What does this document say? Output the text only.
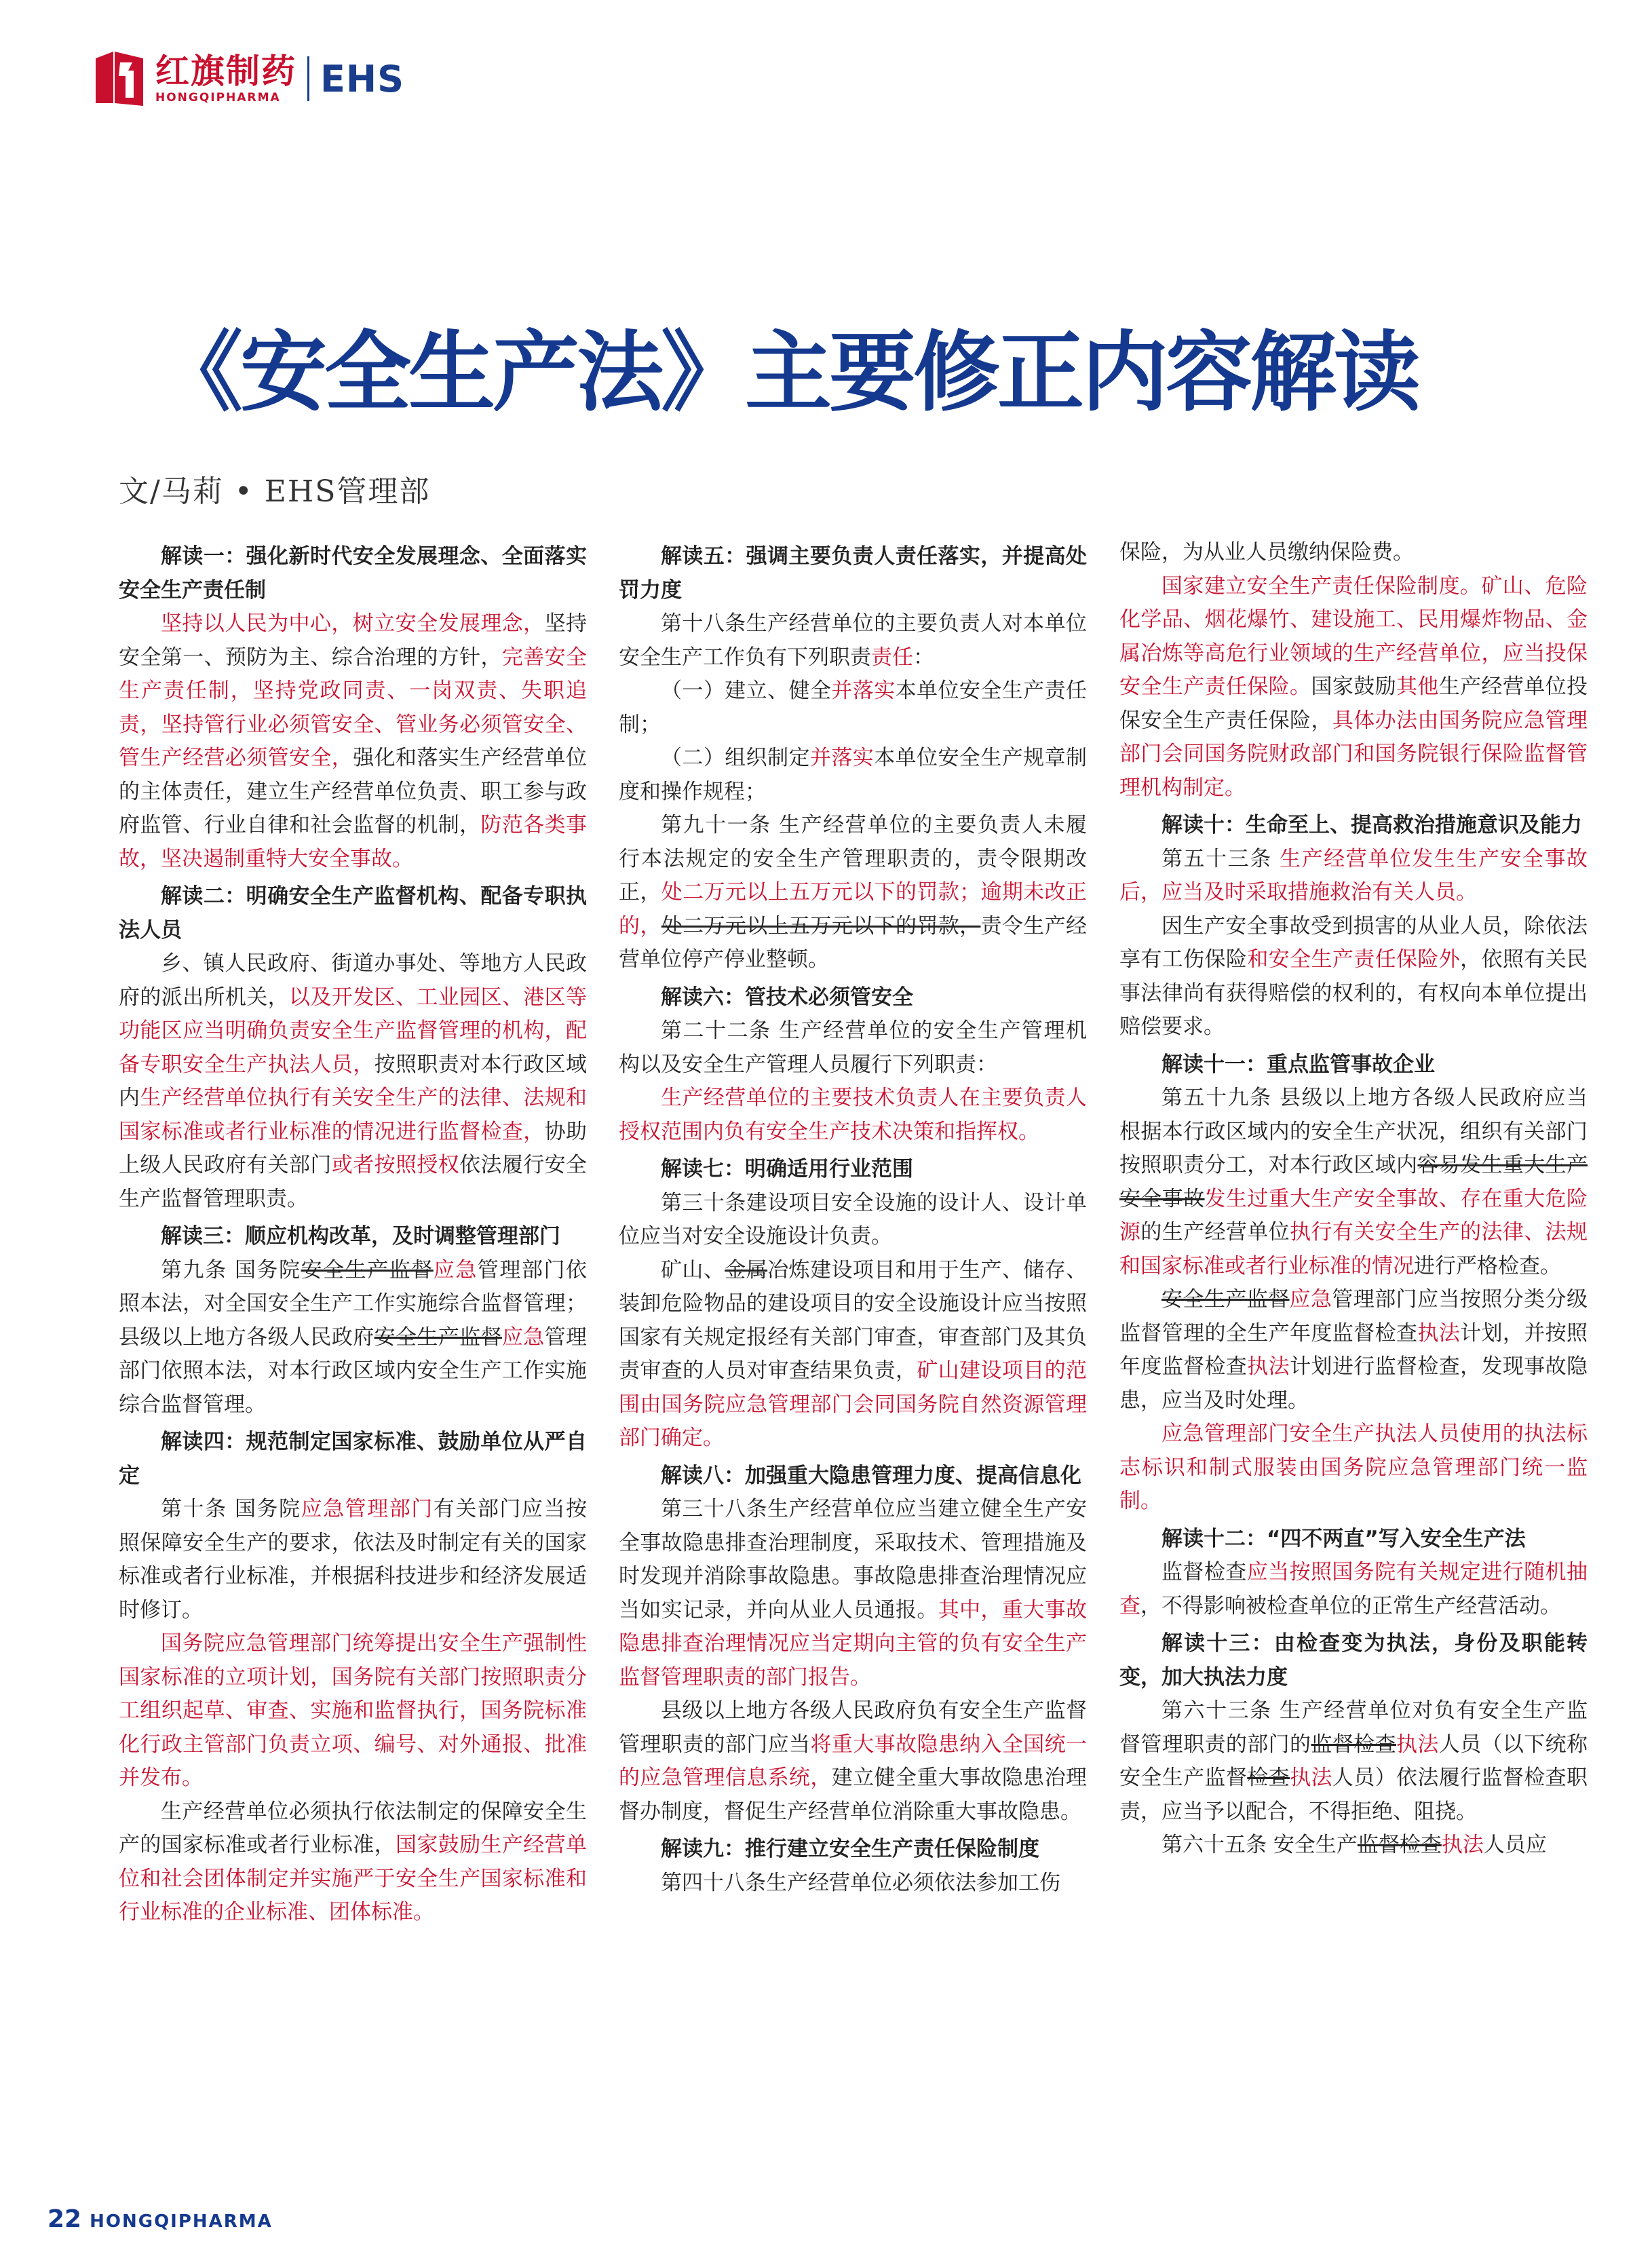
红旗制药
HONGQIPHARMA	EHS
《安全生产法》主要修正内容解读
文/马莉 • EHS管理部

解读一：强化新时代安全发展理念、全面落实安全生产责任制

坚持以人民为中心，树立安全发展理念，坚持安全第一、预防为主、综合治理的方针，完善安全生产责任制，坚持党政同责、一岗双责、失职追责，坚持管行业必须管安全、管业务必须管安全、管生产经营必须管安全，强化和落实生产经营单位的主体责任，建立生产经营单位负责、职工参与政府监管、行业自律和社会监督的机制，防范各类事故，坚决遏制重特大安全事故。

解读二：明确安全生产监督机构、配备专职执法人员

乡、镇人民政府、街道办事处、等地方人民政府的派出所机关，以及开发区、工业园区、港区等功能区应当明确负责安全生产监督管理的机构，配备专职安全生产执法人员，按照职责对本行政区域内生产经营单位执行有关安全生产的法律、法规和国家标准或者行业标准的情况进行监督检查，协助上级人民政府有关部门或者按照授权依法履行安全生产监督管理职责。

解读三：顺应机构改革，及时调整管理部门

第九条 国务院安全生产监督应急管理部门依照本法，对全国安全生产工作实施综合监督管理；县级以上地方各级人民政府安全生产监督应急管理部门依照本法，对本行政区域内安全生产工作实施综合监督管理。

解读四：规范制定国家标准、鼓励单位从严自定

第十条 国务院应急管理部门有关部门应当按照保障安全生产的要求，依法及时制定有关的国家标准或者行业标准，并根据科技进步和经济发展适时修订。

国务院应急管理部门统筹提出安全生产强制性国家标准的立项计划，国务院有关部门按照职责分工组织起草、审查、实施和监督执行，国务院标准化行政主管部门负责立项、编号、对外通报、批准并发布。

生产经营单位必须执行依法制定的保障安全生产的国家标准或者行业标准，国家鼓励生产经营单位和社会团体制定并实施严于安全生产国家标准和行业标准的企业标准、团体标准。

解读五：强调主要负责人责任落实，并提高处罚力度

第十八条生产经营单位的主要负责人对本单位安全生产工作负有下列职责责任：

（一）建立、健全并落实本单位安全生产责任制；

（二）组织制定并落实本单位安全生产规章制度和操作规程；

第九十一条 生产经营单位的主要负责人未履行本法规定的安全生产管理职责的，责令限期改正，处二万元以上五万元以下的罚款；逾期未改正的，处二万元以上五万元以下的罚款，责令生产经营单位停产停业整顿。

解读六：管技术必须管安全

第二十二条 生产经营单位的安全生产管理机构以及安全生产管理人员履行下列职责：

生产经营单位的主要技术负责人在主要负责人授权范围内负有安全生产技术决策和指挥权。

解读七：明确适用行业范围

第三十条建设项目安全设施的设计人、设计单位应当对安全设施设计负责。

矿山、金属冶炼建设项目和用于生产、储存、装卸危险物品的建设项目的安全设施设计应当按照国家有关规定报经有关部门审查，审查部门及其负责审查的人员对审查结果负责，矿山建设项目的范围由国务院应急管理部门会同国务院自然资源管理部门确定。

解读八：加强重大隐患管理力度、提高信息化

第三十八条生产经营单位应当建立健全生产安全事故隐患排查治理制度，采取技术、管理措施及时发现并消除事故隐患。事故隐患排查治理情况应当如实记录，并向从业人员通报。其中，重大事故隐患排查治理情况应当定期向主管的负有安全生产监督管理职责的部门报告。

县级以上地方各级人民政府负有安全生产监督管理职责的部门应当将重大事故隐患纳入全国统一的应急管理信息系统，建立健全重大事故隐患治理督办制度，督促生产经营单位消除重大事故隐患。

解读九：推行建立安全生产责任保险制度

第四十八条生产经营单位必须依法参加工伤

保险，为从业人员缴纳保险费。

国家建立安全生产责任保险制度。矿山、危险化学品、烟花爆竹、建设施工、民用爆炸物品、金属冶炼等高危行业领域的生产经营单位，应当投保安全生产责任保险。国家鼓励其他生产经营单位投保安全生产责任保险，具体办法由国务院应急管理部门会同国务院财政部门和国务院银行保险监督管理机构制定。

解读十：生命至上、提高救治措施意识及能力

第五十三条 生产经营单位发生生产安全事故后，应当及时采取措施救治有关人员。

因生产安全事故受到损害的从业人员，除依法享有工伤保险和安全生产责任保险外，依照有关民事法律尚有获得赔偿的权利的，有权向本单位提出赔偿要求。

解读十一：重点监管事故企业

第五十九条 县级以上地方各级人民政府应当根据本行政区域内的安全生产状况，组织有关部门按照职责分工，对本行政区域内容易发生重大生产安全事故发生过重大生产安全事故、存在重大危险源的生产经营单位执行有关安全生产的法律、法规和国家标准或者行业标准的情况进行严格检查。

安全生产监督应急管理部门应当按照分类分级监督管理的全生产年度监督检查执法计划，并按照年度监督检查执法计划进行监督检查，发现事故隐患，应当及时处理。

应急管理部门安全生产执法人员使用的执法标志标识和制式服装由国务院应急管理部门统一监制。

解读十二：“四不两直”写入安全生产法

监督检查应当按照国务院有关规定进行随机抽查，不得影响被检查单位的正常生产经营活动。

解读十三：由检查变为执法，身份及职能转变，加大执法力度

第六十三条 生产经营单位对负有安全生产监督管理职责的部门的监督检查执法人员（以下统称安全生产监督检查执法人员）依法履行监督检查职责，应当予以配合，不得拒绝、阻挠。

第六十五条 安全生产监督检查执法人员应

22 HONGQIPHARMA
